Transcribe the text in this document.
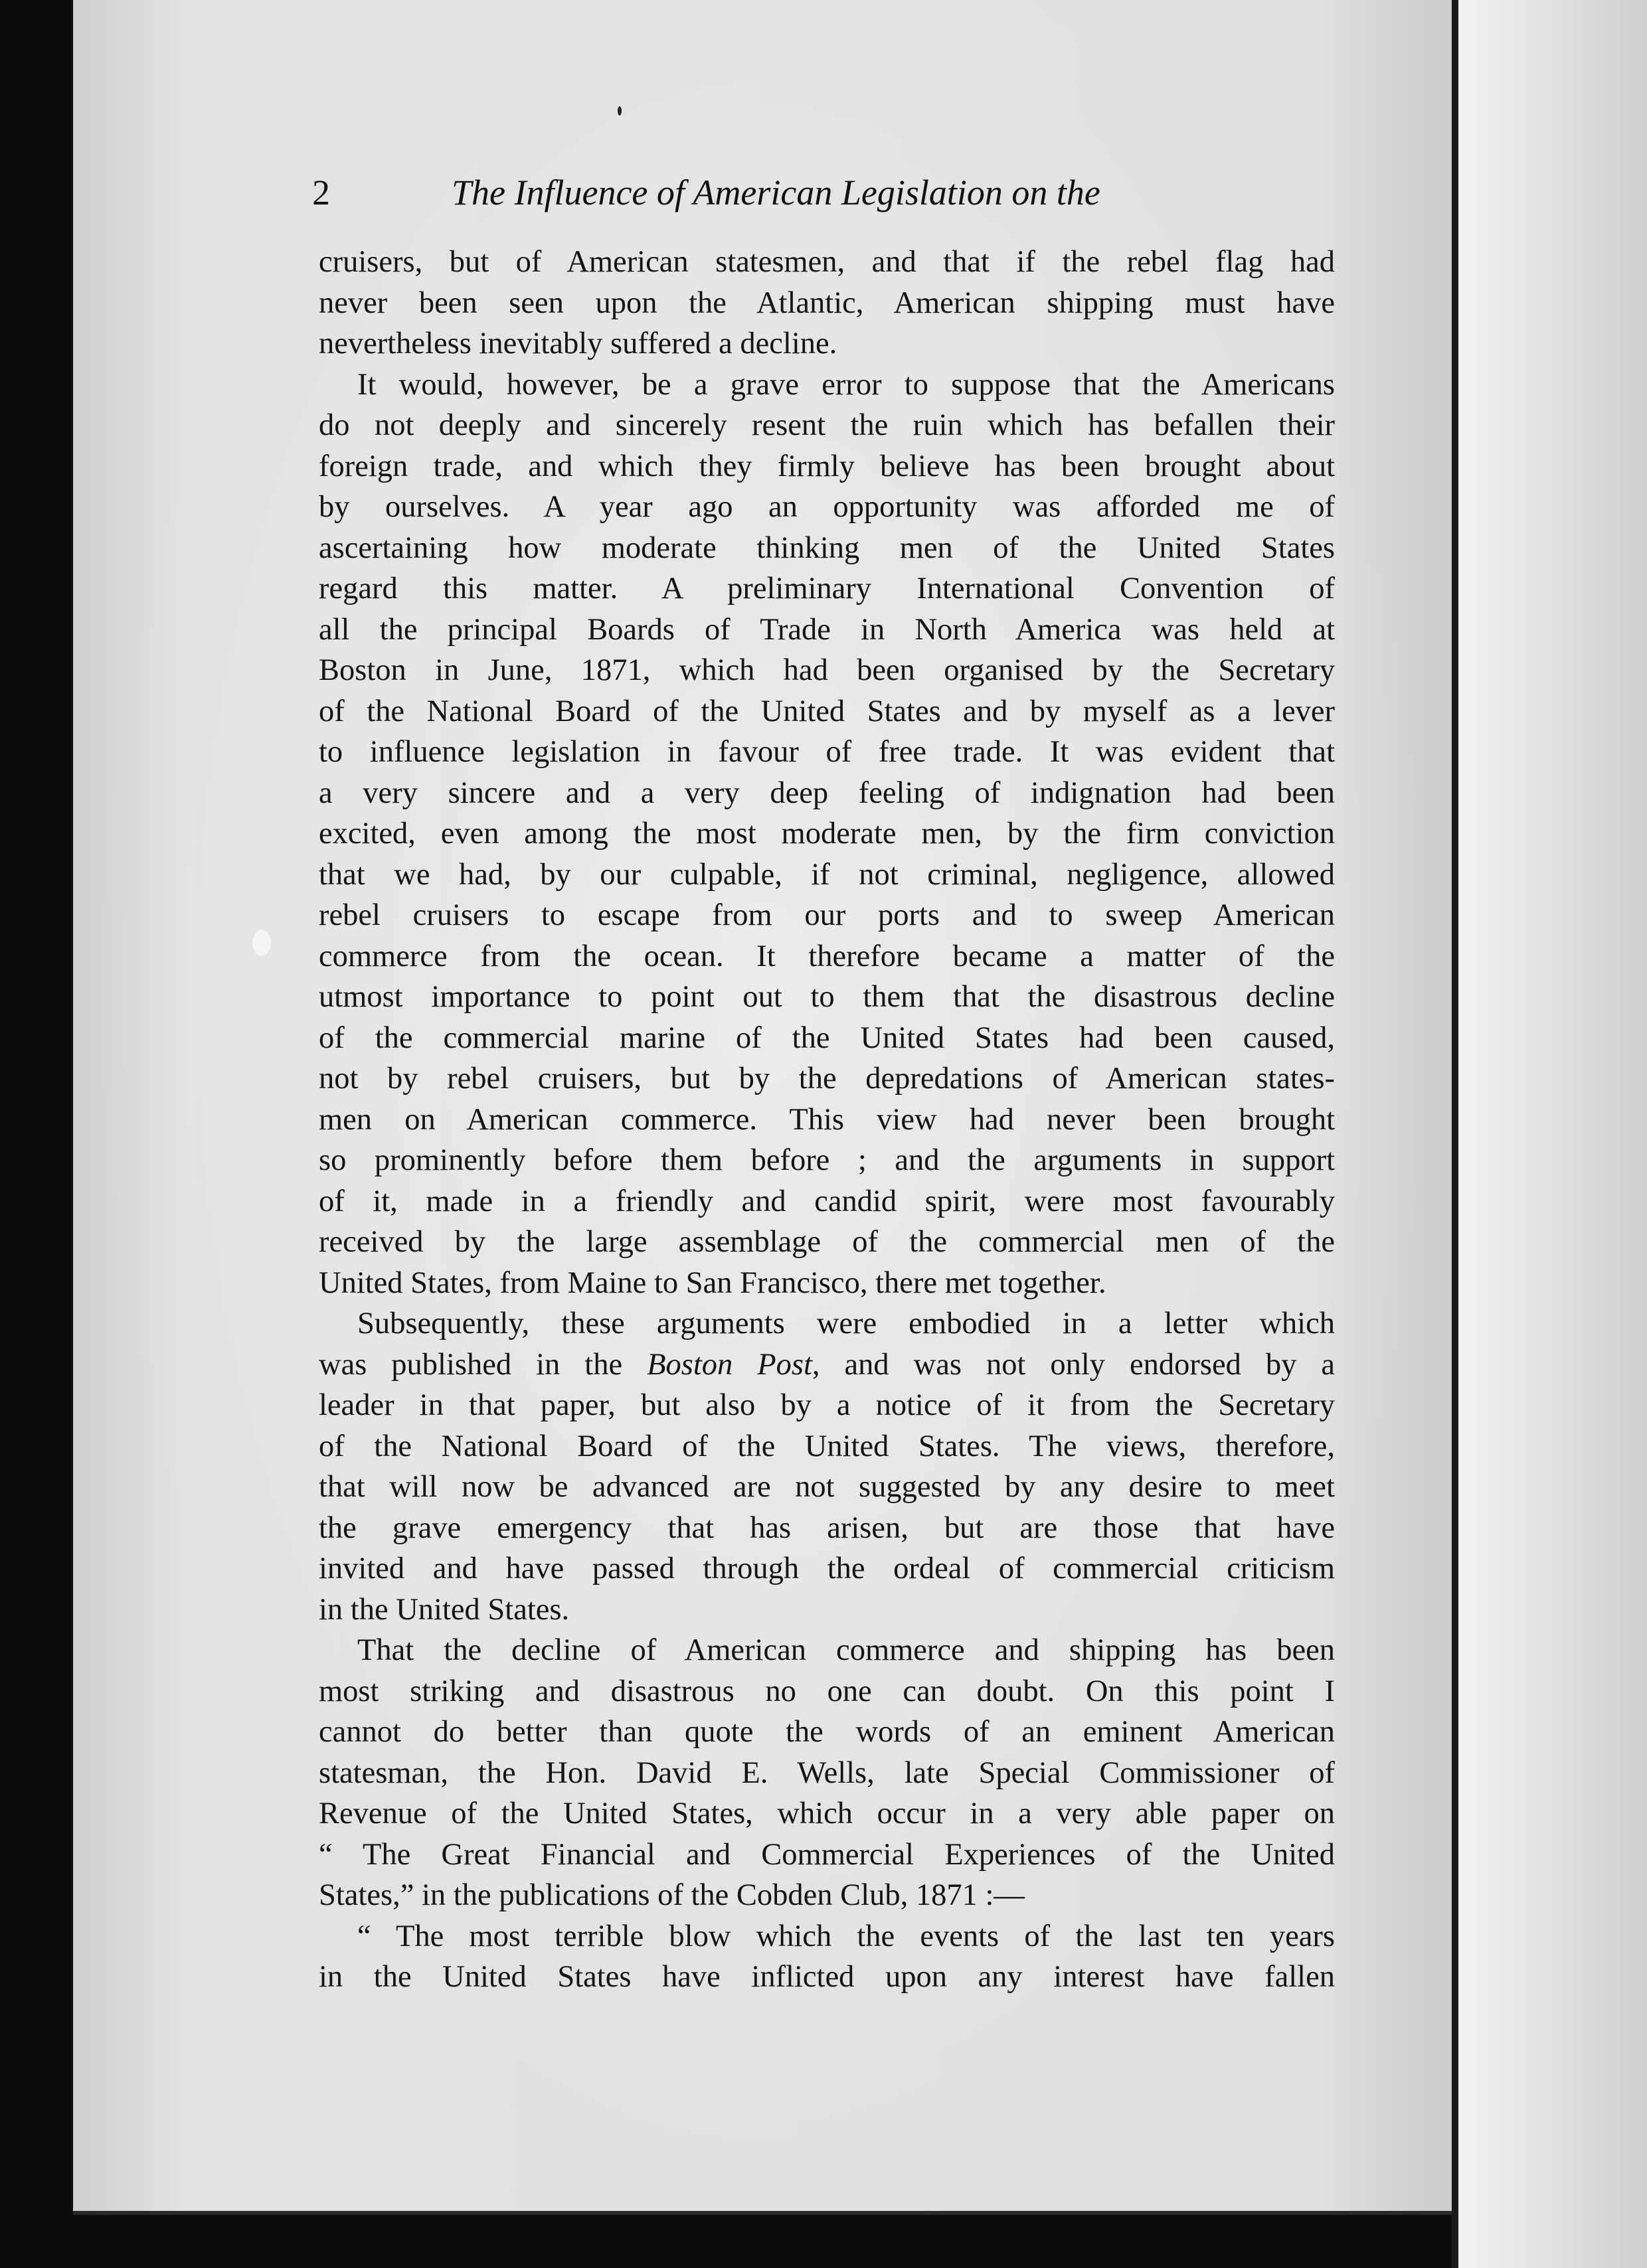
2	The Influence of American Legislation on the
cruisers, but of American statesmen, and that if the rebel flag had
never been seen upon the Atlantic, American shipping must have
nevertheless inevitably suffered a decline.
It would, however, be a grave error to suppose that the Americans
do not deeply and sincerely resent the ruin which has befallen their
foreign trade, and which they firmly believe has been brought about
by ourselves. A year ago an opportunity was afforded me of
ascertaining how moderate thinking men of the United States
regard this matter. A preliminary International Convention of
all the principal Boards of Trade in North America was held at
Boston in June, 1871, which had been organised by the Secretary
of the National Board of the United States and by myself as a lever
to influence legislation in favour of free trade. It was evident that
a very sincere and a very deep feeling of indignation had been
excited, even among the most moderate men, by the firm conviction
that we had, by our culpable, if not criminal, negligence, allowed
rebel cruisers to escape from our ports and to sweep American
commerce from the ocean. It therefore became a matter of the
utmost importance to point out to them that the disastrous decline
of the commercial marine of the United States had been caused,
not by rebel cruisers, but by the depredations of American states-
men on American commerce. This view had never been brought
so prominently before them before ; and the arguments in support
of it, made in a friendly and candid spirit, were most favourably
received by the large assemblage of the commercial men of the
United States, from Maine to San Francisco, there met together.
Subsequently, these arguments were embodied in a letter which
was published in the Boston Post, and was not only endorsed by a
leader in that paper, but also by a notice of it from the Secretary
of the National Board of the United States. The views, therefore,
that will now be advanced are not suggested by any desire to meet
the grave emergency that has arisen, but are those that have
invited and have passed through the ordeal of commercial criticism
in the United States.
That the decline of American commerce and shipping has been
most striking and disastrous no one can doubt. On this point I
cannot do better than quote the words of an eminent American
statesman, the Hon. David E. Wells, late Special Commissioner of
Revenue of the United States, which occur in a very able paper on
“ The Great Financial and Commercial Experiences of the United
States,” in the publications of the Cobden Club, 1871 :—
“ The most terrible blow which the events of the last ten years
in the United States have inflicted upon any interest have fallen
